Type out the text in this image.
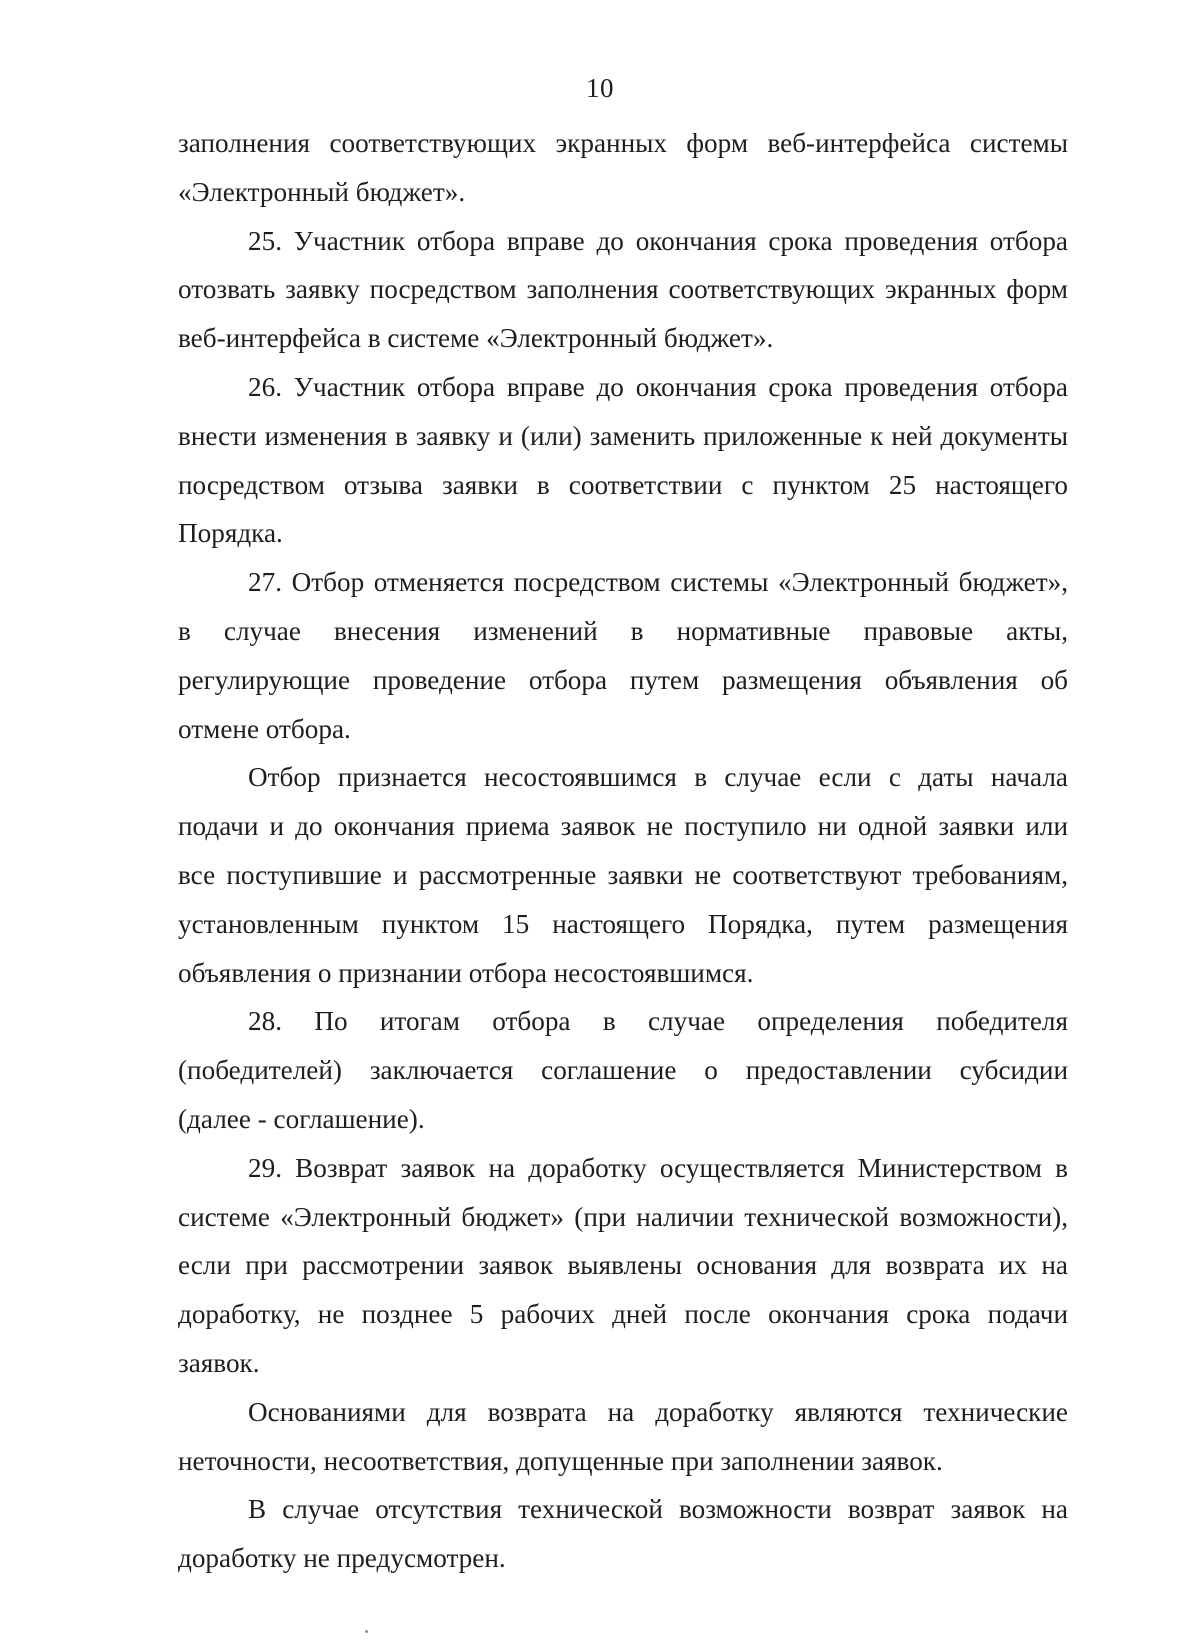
10
заполнения соответствующих экранных форм веб-интерфейса системы
«Электронный бюджет».
25. Участник отбора вправе до окончания срока проведения отбора
отозвать заявку посредством заполнения соответствующих экранных форм
веб-интерфейса в системе «Электронный бюджет».
26. Участник отбора вправе до окончания срока проведения отбора
внести изменения в заявку и (или) заменить приложенные к ней документы
посредством отзыва заявки в соответствии с пунктом 25 настоящего
Порядка.
27. Отбор отменяется посредством системы «Электронный бюджет»,
в случае внесения изменений в нормативные правовые акты,
регулирующие проведение отбора путем размещения объявления об
отмене отбора.
Отбор признается несостоявшимся в случае если с даты начала
подачи и до окончания приема заявок не поступило ни одной заявки или
все поступившие и рассмотренные заявки не соответствуют требованиям,
установленным пунктом 15 настоящего Порядка, путем размещения
объявления о признании отбора несостоявшимся.
28. По итогам отбора в случае определения победителя
(победителей) заключается соглашение о предоставлении субсидии
(далее - соглашение).
29. Возврат заявок на доработку осуществляется Министерством в
системе «Электронный бюджет» (при наличии технической возможности),
если при рассмотрении заявок выявлены основания для возврата их на
доработку, не позднее 5 рабочих дней после окончания срока подачи
заявок.
Основаниями для возврата на доработку являются технические
неточности, несоответствия, допущенные при заполнении заявок.
В случае отсутствия технической возможности возврат заявок на
доработку не предусмотрен.
